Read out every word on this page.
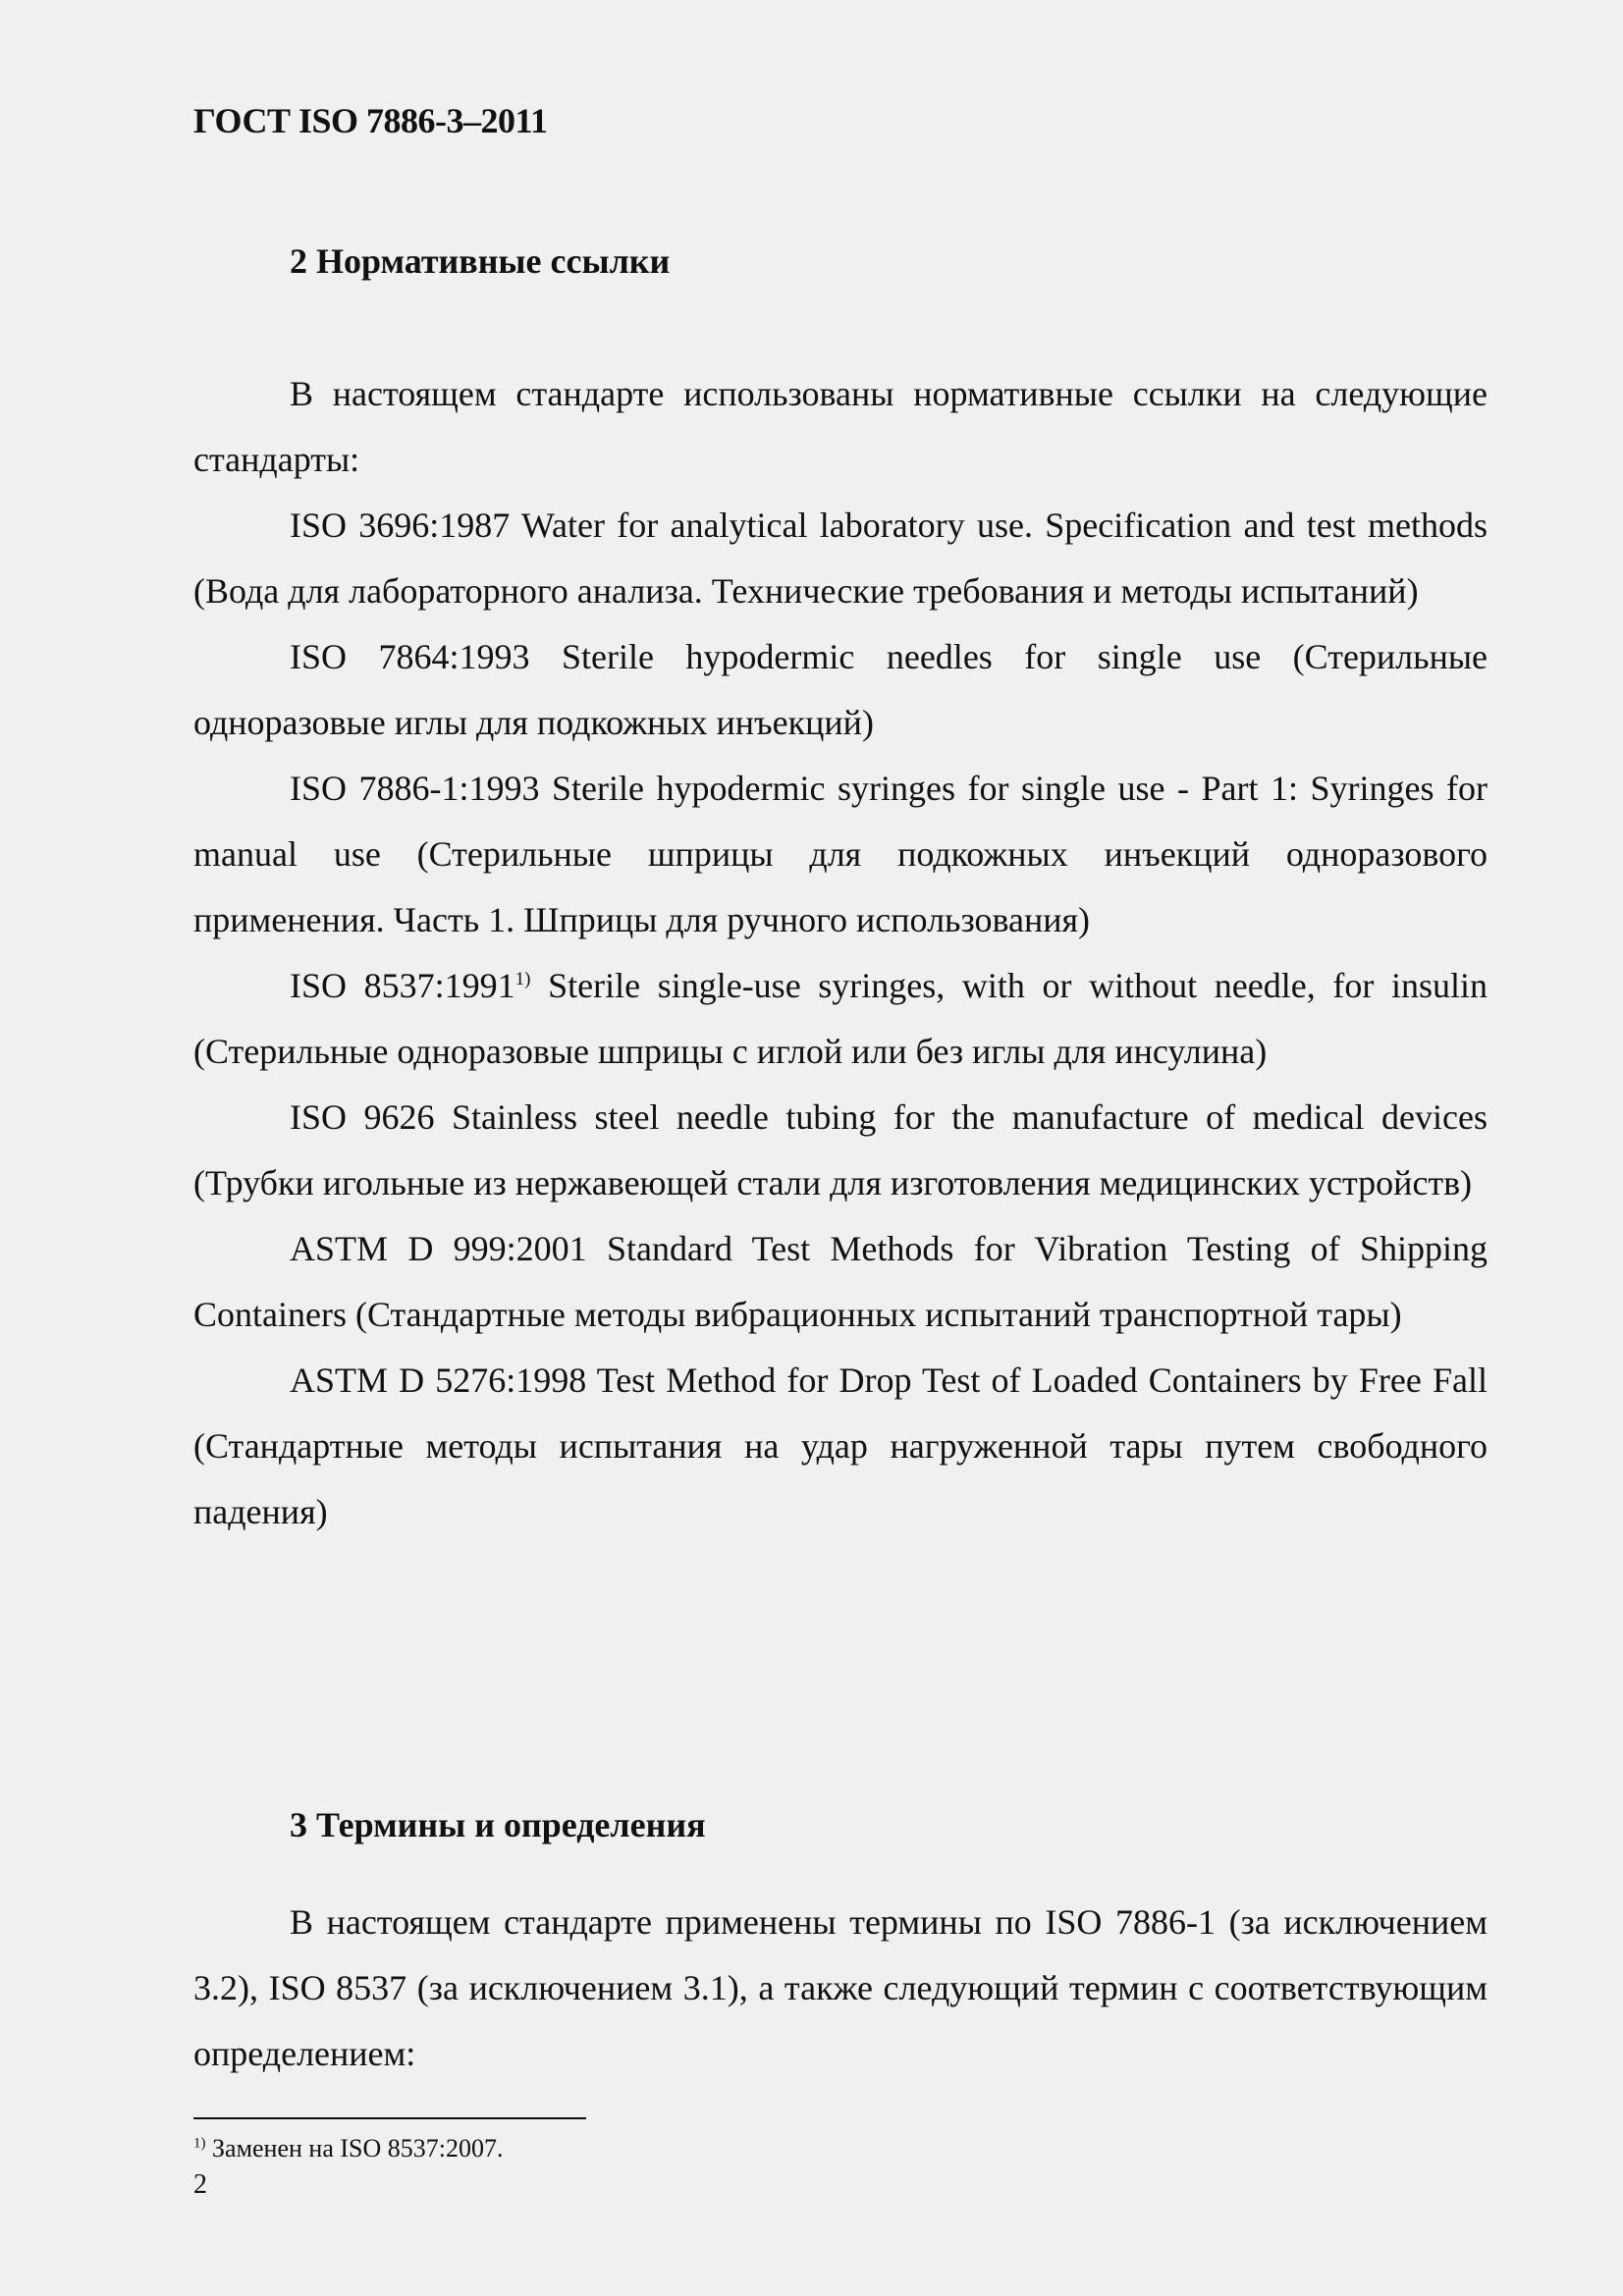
ГОСТ ISO 7886-3–2011

2 Нормативные ссылки

В настоящем стандарте использованы нормативные ссылки на следующие стандарты:

ISO 3696:1987 Water for analytical laboratory use. Specification and test methods (Вода для лабораторного анализа. Технические требования и методы испытаний)

ISO 7864:1993 Sterile hypodermic needles for single use (Стерильные одноразовые иглы для подкожных инъекций)

ISO 7886-1:1993 Sterile hypodermic syringes for single use - Part 1: Syringes for manual use (Стерильные шприцы для подкожных инъекций одноразового применения. Часть 1. Шприцы для ручного использования)

ISO 8537:1991$^{1)}$ Sterile single-use syringes, with or without needle, for insulin (Стерильные одноразовые шприцы с иглой или без иглы для инсулина)

ISO 9626 Stainless steel needle tubing for the manufacture of medical devices (Трубки игольные из нержавеющей стали для изготовления медицинских устройств)

ASTM D 999:2001 Standard Test Methods for Vibration Testing of Shipping Containers (Стандартные методы вибрационных испытаний транспортной тары)

ASTM D 5276:1998 Test Method for Drop Test of Loaded Containers by Free Fall (Стандартные методы испытания на удар нагруженной тары путем свободного падения)

3 Термины и определения

В настоящем стандарте применены термины по ISO 7886-1 (за исключением 3.2), ISO 8537 (за исключением 3.1), а также следующий термин с соответствующим определением:

$^{1)}$ Заменен на ISO 8537:2007.

2
